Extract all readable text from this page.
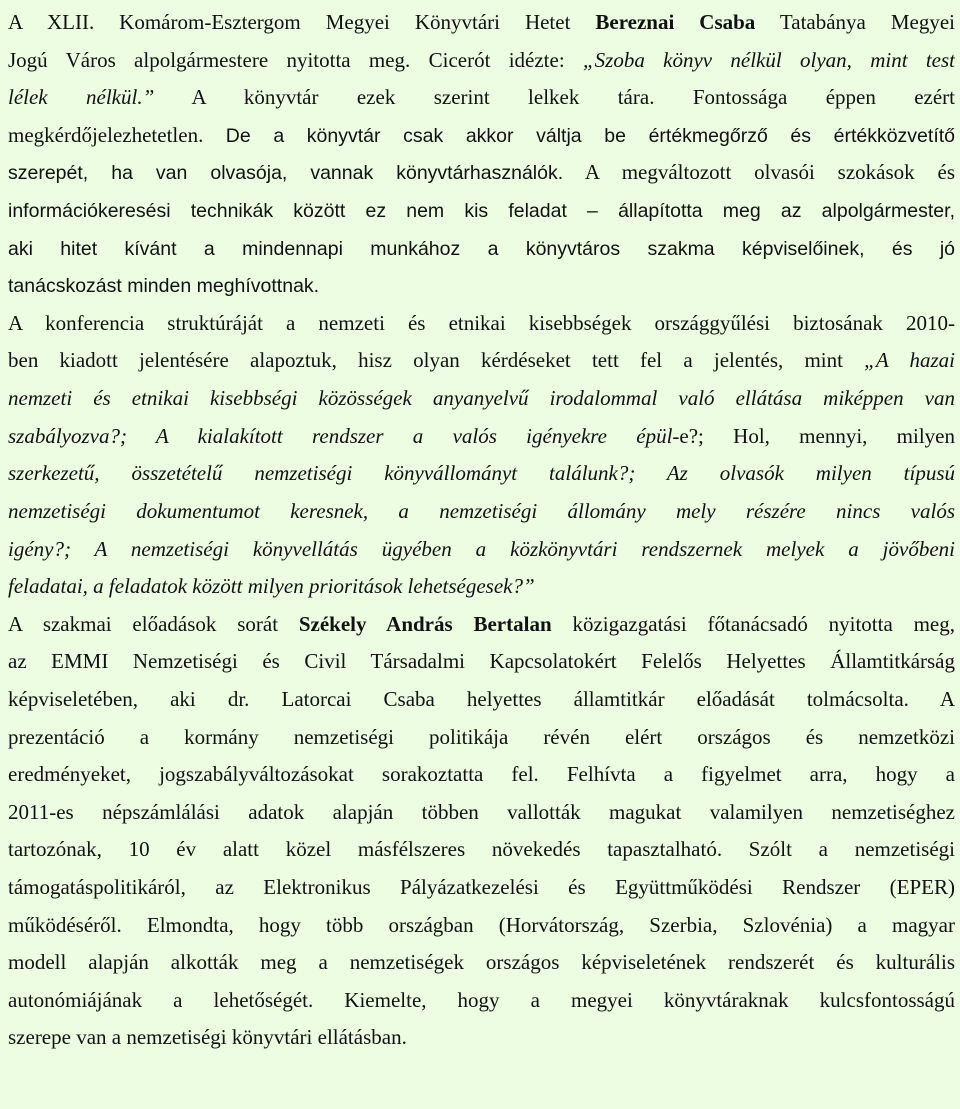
A XLII. Komárom-Esztergom Megyei Könyvtári Hetet Bereznai Csaba Tatabánya Megyei
Jogú Város alpolgármestere nyitotta meg. Cicerót idézte: „Szoba könyv nélkül olyan, mint test
lélek nélkül.” A könyvtár ezek szerint lelkek tára. Fontossága éppen ezért
megkérdőjelezhetetlen. De a könyvtár csak akkor váltja be értékmegőrző és értékközvetítő
szerepét, ha van olvasója, vannak könyvtárhasználók. A megváltozott olvasói szokások és
információkeresési technikák között ez nem kis feladat – állapította meg az alpolgármester,
aki hitet kívánt a mindennapi munkához a könyvtáros szakma képviselőinek, és jó
tanácskozást minden meghívottnak.
A konferencia struktúráját a nemzeti és etnikai kisebbségek országgyűlési biztosának 2010-
ben kiadott jelentésére alapoztuk, hisz olyan kérdéseket tett fel a jelentés, mint „A hazai
nemzeti és etnikai kisebbségi közösségek anyanyelvű irodalommal való ellátása miképpen van
szabályozva?; A kialakított rendszer a valós igényekre épül-e?; Hol, mennyi, milyen
szerkezetű, összetételű nemzetiségi könyvállományt találunk?; Az olvasók milyen típusú
nemzetiségi dokumentumot keresnek, a nemzetiségi állomány mely részére nincs valós
igény?; A nemzetiségi könyvellátás ügyében a közkönyvtári rendszernek melyek a jövőbeni
feladatai, a feladatok között milyen prioritások lehetségesek?”
A szakmai előadások sorát Székely András Bertalan közigazgatási főtanácsadó nyitotta meg,
az EMMI Nemzetiségi és Civil Társadalmi Kapcsolatokért Felelős Helyettes Államtitkárság
képviseletében, aki dr. Latorcai Csaba helyettes államtitkár előadását tolmácsolta. A
prezentáció a kormány nemzetiségi politikája révén elért országos és nemzetközi
eredményeket, jogszabályváltozásokat sorakoztatta fel. Felhívta a figyelmet arra, hogy a
2011-es népszámlálási adatok alapján többen vallották magukat valamilyen nemzetiséghez
tartozónak, 10 év alatt közel másfélszeres növekedés tapasztalható. Szólt a nemzetiségi
támogatáspolitikáról, az Elektronikus Pályázatkezelési és Együttműködési Rendszer (EPER)
működéséről. Elmondta, hogy több országban (Horvátország, Szerbia, Szlovénia) a magyar
modell alapján alkották meg a nemzetiségek országos képviseletének rendszerét és kulturális
autonómiájának a lehetőségét. Kiemelte, hogy a megyei könyvtáraknak kulcsfontosságú
szerepe van a nemzetiségi könyvtári ellátásban.
